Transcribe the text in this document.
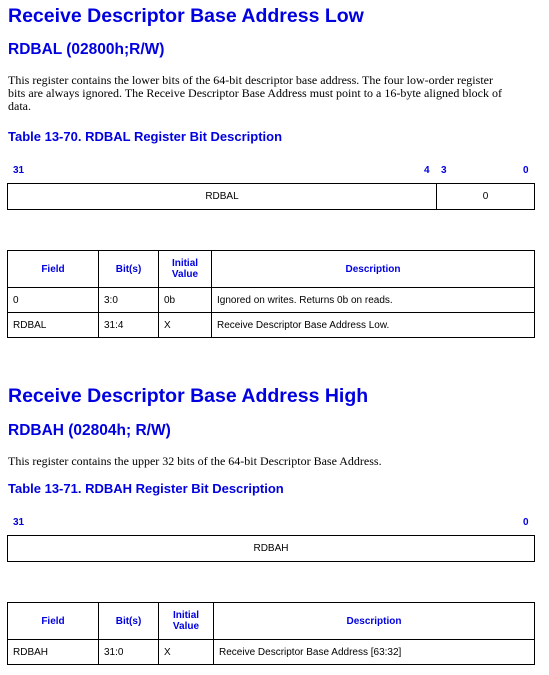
Receive Descriptor Base Address Low
RDBAL (02800h;R/W)
This register contains the lower bits of the 64-bit descriptor base address. The four low-order register bits are always ignored. The Receive Descriptor Base Address must point to a 16-byte aligned block of data.
Table 13-70. RDBAL Register Bit Description
31	4 3	0
RDBAL	0
Field	Bit(s)	Initial Value	Description
0	3:0	0b	Ignored on writes. Returns 0b on reads.
RDBAL	31:4	X	Receive Descriptor Base Address Low.
Receive Descriptor Base Address High
RDBAH (02804h; R/W)
This register contains the upper 32 bits of the 64-bit Descriptor Base Address.
Table 13-71. RDBAH Register Bit Description
31	0
RDBAH
Field	Bit(s)	Initial Value	Description
RDBAH	31:0	X	Receive Descriptor Base Address [63:32]
